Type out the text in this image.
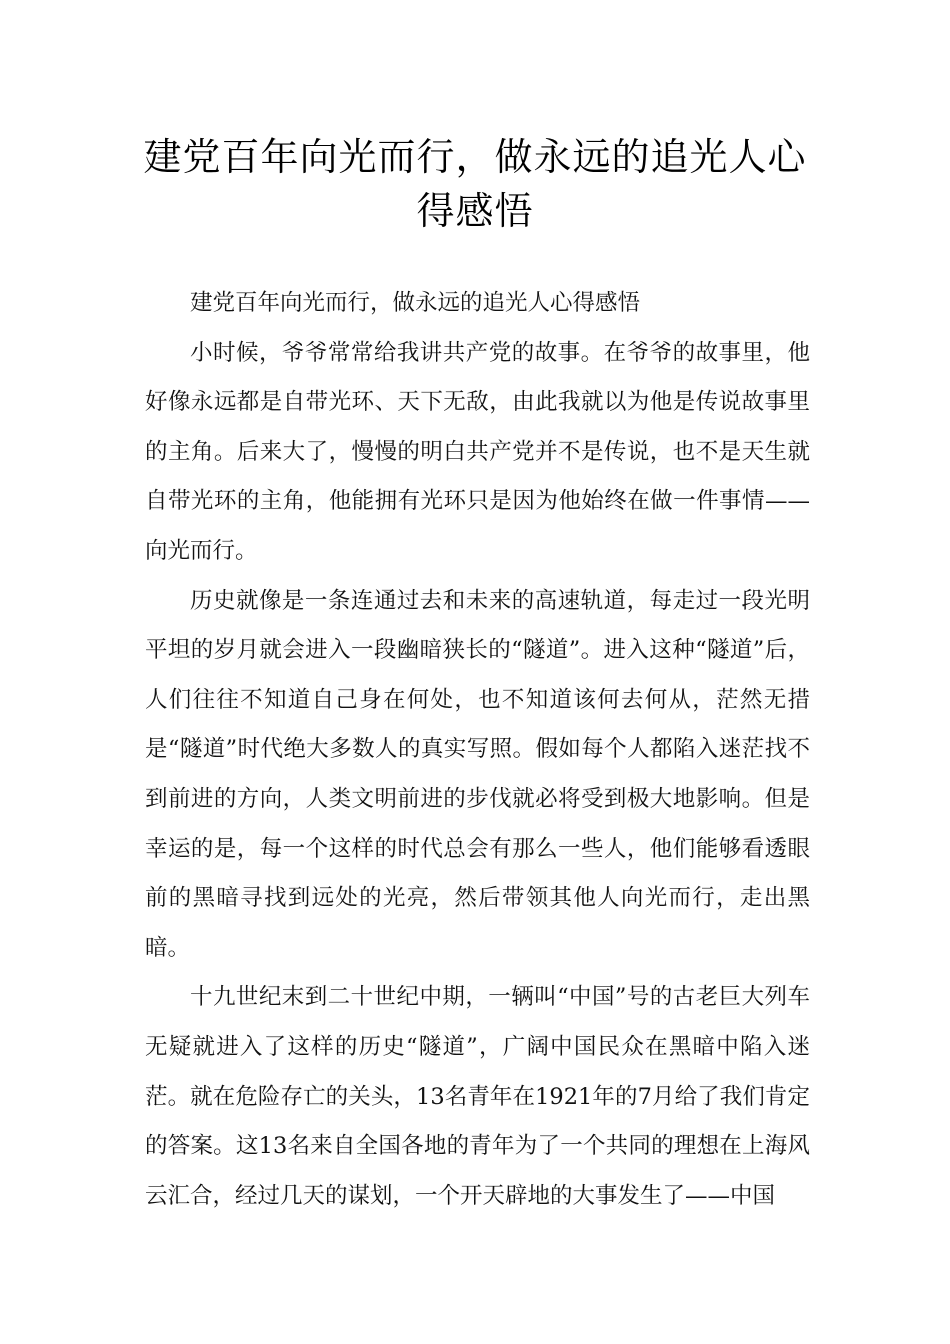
建党百年向光而行，做永远的追光人心得感悟

建党百年向光而行，做永远的追光人心得感悟

小时候，爷爷常常给我讲共产党的故事。在爷爷的故事里，他好像永远都是自带光环、天下无敌，由此我就以为他是传说故事里的主角。后来大了，慢慢的明白共产党并不是传说，也不是天生就自带光环的主角，他能拥有光环只是因为他始终在做一件事情——向光而行。

历史就像是一条连通过去和未来的高速轨道，每走过一段光明平坦的岁月就会进入一段幽暗狭长的“隧道”。进入这种“隧道”后，人们往往不知道自己身在何处，也不知道该何去何从，茫然无措是“隧道”时代绝大多数人的真实写照。假如每个人都陷入迷茫找不到前进的方向，人类文明前进的步伐就必将受到极大地影响。但是幸运的是，每一个这样的时代总会有那么一些人，他们能够看透眼前的黑暗寻找到远处的光亮，然后带领其他人向光而行，走出黑暗。

十九世纪末到二十世纪中期，一辆叫“中国”号的古老巨大列车无疑就进入了这样的历史“隧道”，广阔中国民众在黑暗中陷入迷茫。就在危险存亡的关头，13名青年在1921年的7月给了我们肯定的答案。这13名来自全国各地的青年为了一个共同的理想在上海风云汇合，经过几天的谋划，一个开天辟地的大事发生了——中国
